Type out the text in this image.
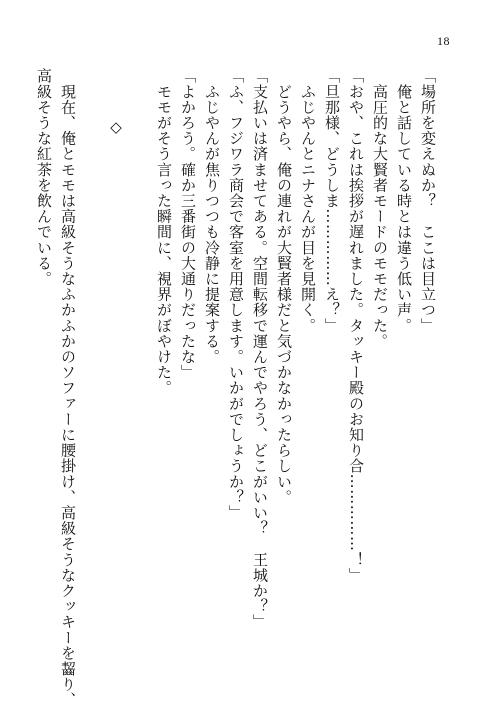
18
「場所を変えぬか？　ここは目立つ」
　俺と話している時とは違う低い声。
　高圧的な大賢者モードのモモだった。
「おや、これは挨拶が遅れました。タッキー殿のお知り合……………！」
「旦那様、どうしま……………え？」
　ふじやんとニナさんが目を見開く。
　どうやら、俺の連れが大賢者様だと気づかなかったらしい。
「支払いは済ませてある。空間転移で運んでやろう、どこがいい？　王城か？」
「ふ、フジワラ商会で客室を用意します。いかがでしょうか？」
　ふじやんが焦りつつも冷静に提案する。
「よかろう。確か三番街の大通りだったな」
　モモがそう言った瞬間に、視界がぼやけた。
◇
　現在、俺とモモは高級そうなふかふかのソファーに腰掛け、高級そうなクッキーを齧り、
高級そうな紅茶を飲んでいる。
